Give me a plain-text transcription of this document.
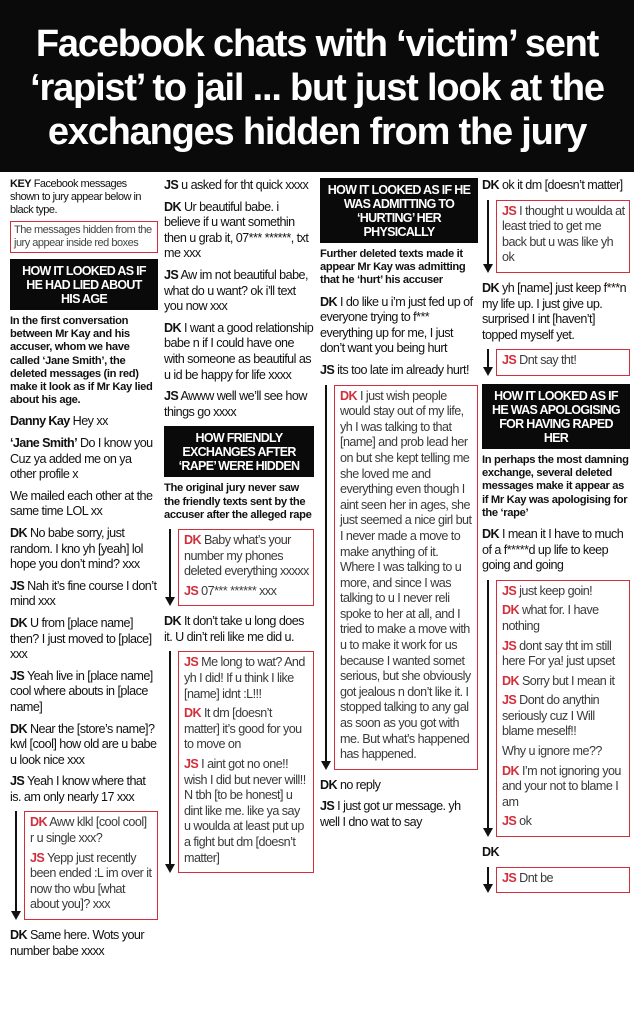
Facebook chats with ‘victim’ sent
‘rapist’ to jail ... but just look at the
exchanges hidden from the jury
KEY Facebook messages shown to jury appear below in black type.
The messages hidden from the jury appear inside red boxes
HOW IT LOOKED AS IF HE HAD LIED ABOUT HIS AGE
In the first conversation between Mr Kay and his accuser, whom we have called ‘Jane Smith’, the deleted messages (in red) make it look as if Mr Kay lied about his age.
Danny Kay Hey xx
‘Jane Smith’ Do I know you Cuz ya added me on ya other profile x
We mailed each other at the same time LOL xx
DK No babe sorry, just random. I kno yh [yeah] lol hope you don’t mind? xxx
JS Nah it’s fine course I don’t mind xxx
DK U from [place name] then? I just moved to [place] xxx
JS Yeah live in [place name] cool where abouts in [place name]
DK Near the [store’s name]? kwl [cool] how old are u babe u look nice xxx
JS Yeah I know where that is. am only nearly 17 xxx
DK Aww klkl [cool cool] r u single xxx?
JS Yepp just recently been ended :L im over it now tho wbu [what about you]? xxx
DK Same here. Wots your number babe xxxx
JS u asked for tht quick xxxx
DK Ur beautiful babe. i believe if u want somethin then u grab it, 07*** ******, txt me xxx
JS Aw im not beautiful babe, what do u want? ok i’ll text you now xxx
DK I want a good relationship babe n if I could have one with someone as beautiful as u id be happy for life xxxx
JS Awww well we’ll see how things go xxxx
HOW FRIENDLY EXCHANGES AFTER ‘RAPE’ WERE HIDDEN
The original jury never saw the friendly texts sent by the accuser after the alleged rape
DK Baby what’s your number my phones deleted everything xxxxx
JS 07*** ****** xxx
DK It don’t take u long does it. U din’t reli like me did u.
JS Me long to wat? And yh I did! If u think I like [name] idnt :L!!!
DK It dm [doesn’t matter] it’s good for you to move on
JS I aint got no one!! wish I did but never will!! N tbh [to be honest] u dint like me. like ya say u woulda at least put up a fight but dm [doesn’t matter]
HOW IT LOOKED AS IF HE WAS ADMITTING TO ‘HURTING’ HER PHYSICALLY
Further deleted texts made it appear Mr Kay was admitting that he ‘hurt’ his accuser
DK I do like u i’m just fed up of everyone trying to f*** everything up for me, I just don’t want you being hurt
JS its too late im already hurt!
DK I just wish people would stay out of my life, yh I was talking to that [name] and prob lead her on but she kept telling me she loved me and everything even though I aint seen her in ages, she just seemed a nice girl but I never made a move to make anything of it. Where I was talking to u more, and since I was talking to u I never reli spoke to her at all, and I tried to make a move with u to make it work for us because I wanted somet serious, but she obviously got jealous n don’t like it. I stopped talking to any gal as soon as you got with me. But what’s happened has happened.
DK no reply
JS I just got ur message. yh well I dno wat to say
DK ok it dm [doesn’t matter]
JS I thought u woulda at least tried to get me back but u was like yh ok
DK yh [name] just keep f***n my life up. I just give up. surprised I int [haven’t] topped myself yet.
JS Dnt say tht!
HOW IT LOOKED AS IF HE WAS APOLOGISING FOR HAVING RAPED HER
In perhaps the most damning exchange, several deleted messages make it appear as if Mr Kay was apologising for the ‘rape’
DK I mean it I have to much of a f*****d up life to keep going and going
JS just keep goin!
DK what for. I have nothing
JS dont say tht im still here For ya! just upset
DK Sorry but I mean it
JS Dont do anythin seriously cuz I Will blame meself!!
Why u ignore me??
DK I’m not ignoring you and your not to blame I am
JS ok
DK
JS Dnt be
